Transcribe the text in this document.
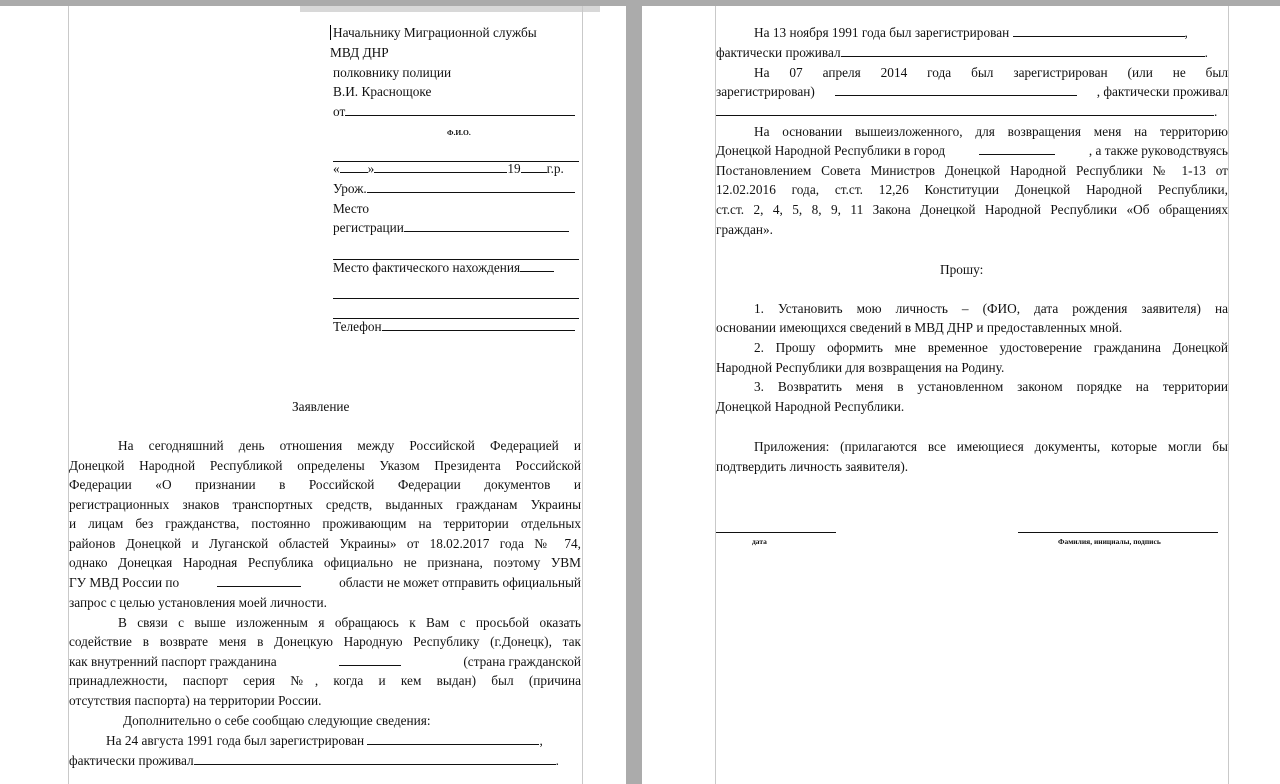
Начальнику Миграционной службы
МВД ДНР
полковнику полиции
В.И. Краснощоке
от
Ф.И.О.
« »	19 г.р.
Урож.
Место
регистрации
Место фактического нахождения
Телефон
Заявление
На сегодняшний день отношения между Российской Федерацией и
Донецкой Народной Республикой определены Указом Президента Российской
Федерации «О признании в Российской Федерации документов и
регистрационных знаков транспортных средств, выданных гражданам Украины
и лицам без гражданства, постоянно проживающим на территории отдельных
районов Донецкой и Луганской областей Украины» от 18.02.2017 года № 74,
однако Донецкая Народная Республика официально не признана, поэтому УВМ
ГУ МВД России по	области не может отправить официальный
запрос с целью установления моей личности.
В связи с выше изложенным я обращаюсь к Вам с просьбой оказать
содействие в возврате меня в Донецкую Народную Республику (г.Донецк), так
как внутренний паспорт гражданина	(страна гражданской
принадлежности, паспорт серия №, когда и кем выдан) был (причина
отсутствия паспорта) на территории России.
Дополнительно о себе сообщаю следующие сведения:
На 24 августа 1991 года был зарегистрирован	,
фактически проживал	.
На 13 ноября 1991 года был зарегистрирован	,
фактически проживал	.
На 07 апреля 2014 года был зарегистрирован (или не был
зарегистрирован)	, фактически проживал
.
На основании вышеизложенного, для возвращения меня на территорию
Донецкой Народной Республики в город	, а также руководствуясь
Постановлением Совета Министров Донецкой Народной Республики № 1-13 от
12.02.2016 года, ст.ст. 12,26 Конституции Донецкой Народной Республики,
ст.ст. 2, 4, 5, 8, 9, 11 Закона Донецкой Народной Республики «Об обращениях
граждан».
Прошу:
1. Установить мою личность – (ФИО, дата рождения заявителя) на
основании имеющихся сведений в МВД ДНР и предоставленных мной.
2. Прошу оформить мне временное удостоверение гражданина Донецкой
Народной Республики для возвращения на Родину.
3. Возвратить меня в установленном законом порядке на территории
Донецкой Народной Республики.
Приложения: (прилагаются все имеющиеся документы, которые могли бы
подтвердить личность заявителя).
дата	Фамилия, инициалы, подпись
